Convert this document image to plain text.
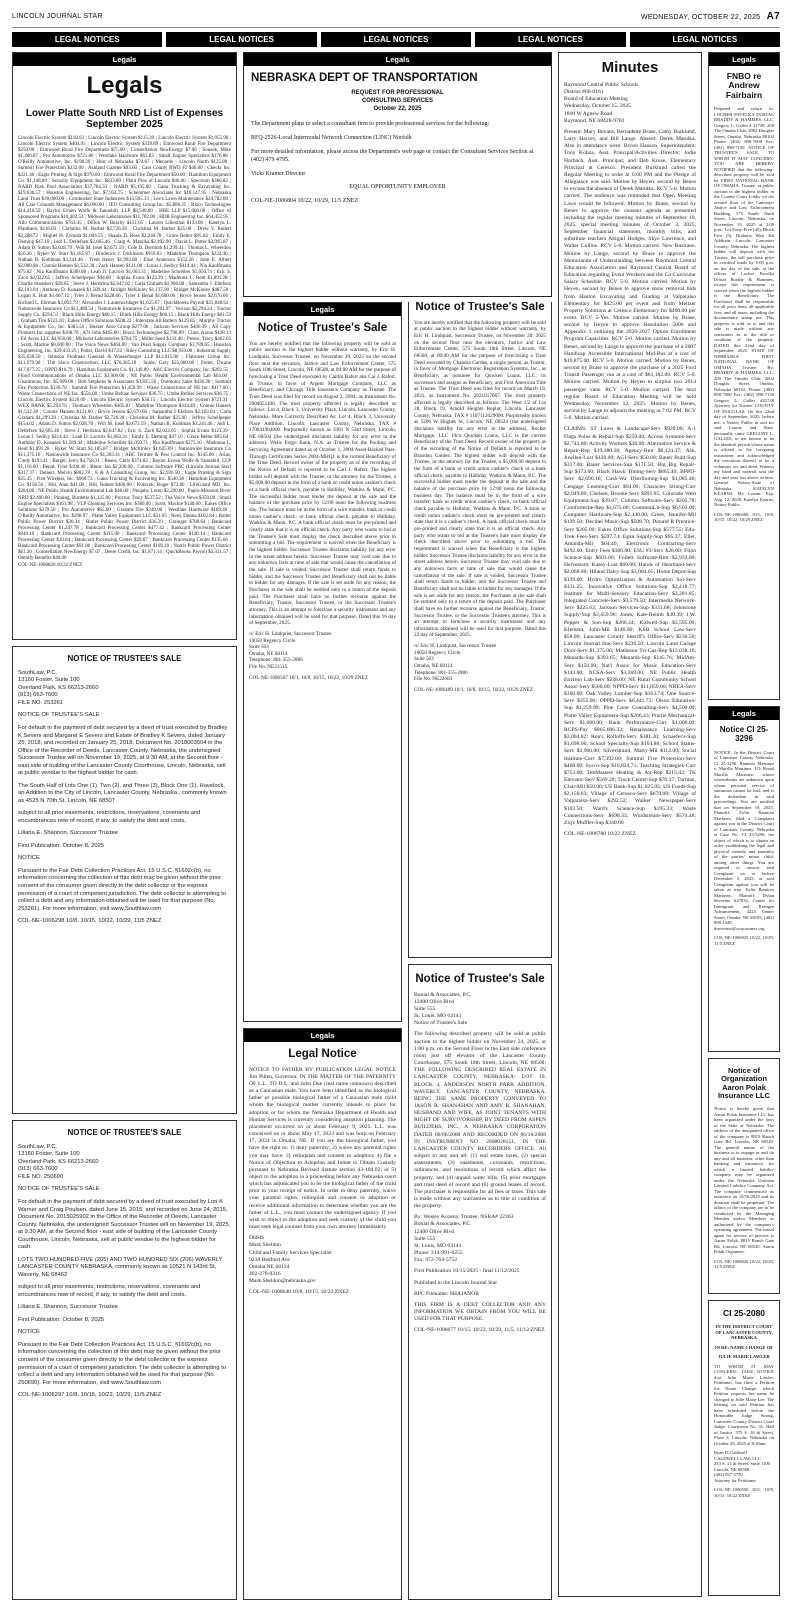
LINCOLN JOURNAL STAR	WEDNESDAY, OCTOBER 22, 2025 A7
LEGAL NOTICES	LEGAL NOTICES	LEGAL NOTICES	LEGAL NOTICES	LEGAL NOTICES
Legals
Legals
Lower Platte South NRD List of Expenses September 2025
Lincoln Electric System $118.03 ; Lincoln Electric System $115.39 ; Lincoln Electric System $1,055.90 ; Lincoln Electric System $404.95 ; Lincoln Electric System $339.89 ; Elmwood Rural Fire Department $250.00 ; Elmwood Rural Fire Department $75.00 ; Constellation NewEnergy $7.06 ; Sousek, Mike $1,466.87 ; Pro Automotive $721.86 ; Westlake Hardware $63.83 ; Small Engine Specialists $170.88 ; O'Reilly Automotive, Inc. $198.29 ; Host of Nebraska $74.67 ; Menards - Lincoln North $125.80 ; Summit Fire Protection $232.00 ; Ashland Gazette $93.60 ; Cass County RWD #2 $40.00 ; Checkr Inc. $221.46 ; Eagle Printing & Sign $970.00 ; Elmwood Rural Fire Department $50.00 ; Hamilton Equipment Co. $1,148.89 ; Security Equipment, Inc. $833.00 ; Plant Pros of Lincoln $40.00 ; Spectrum $386.82 ; NARD Risk Pool Association $37,784.33 ; NARD $5,195.00 ; Gana Trucking & Excavating Inc. $19,636.57 ; Houston Engineering, Inc. $7,954.75 ; Schemmer Associates Inc $10,147.95 ; Nebraska Land Trust $30,000.00 ; Cornhusker State Industries $14,565.13 ; Lee's Lawn Maintenance $24,782.00 ; All Care Grounds Management $6,000.00 ; JEO Consulting Group Inc. $5,886.25 ; Bizco Technologies $14,416.59 ; Baylor Evnen Wolfe & Tannehill, LLP $8,540.00 ; HBE LLP $15,000.00 ; Office of Sponsored Programs $10,402.53 ; Midwest Laboratories $11,702.00 ; HDR Engineering Inc. $64,452.95 ; Allo Communications $763.45 ; Dillon W. Beachy $121.65 ; Lauren Lilienthal $133.06 ; Katelyn L. Plambeck $116.03 ; Christina M. Barber $2,726.28 ; Christina M. Barber $25.00 ; Drew V. Bullett $2,288.72 ; Miguel H. Zymola $1,004.55 ; Shaula D. Ross $2,240.78 ; Grace Belter $95.64 ; Emily E. Deming $47.10 ; Jodi L. Detlefsen $2,665.46 ; Craig A. Matulka $2,492.90 ; David L. Potter $3,995.87 ; Adam D. Sutton $2,028.79 ; Will M. Insel $2,672.59 ; Cole D. Dermuth $1,299.41 ; Thomas L. Wheeldon $56.26 ; Ryker W. Starr $1,185.87 ; Broderick J. Dickinson $959.03 ; Madeline Thompson $224.46 ; Nathan B. Kuhlman $3,241.46 ; Trent Henry $1,993.80 ; Elise Anderson $152.28 ; John E. Albert $2,000.86 ; Connie Hansen $1,532.38 ; Zach Hansen $121.00 ; Lucas J. Sedivy $414.44 ; Nia Kauffmann $75.02 ; Nia Kauffmann $200.08 ; Leah D. Lacroix $1,663.31 ; Madeline Schreiber $1,050.71 ; Eric S. Zach $2,022.65 ; Jeffrey Schellpeper $94.80 ; Sophia Evans $123.39 ; Madonna L. Reid $1,891.28 ; Charlie Stansbery $28.85 ; Steve J. Herdzina $2,647.82 ; Carla Graham $1,906.88 ; Samantha J. Ellefson $2,103.04 ; Anthony D. Kunasek $1,589.44 ; Bridget McKinley $1,137.90 ; Bridget McKinley $487.58 ; Logan K. Hutt $1,607.12 ; Tyler J. Brend $228.66 ; Tyler J. Benal $1,600.00 ; Bryce Jensen $2,676.66 ; Richard L. Ehrman $3,063.79 ; Alexander J. Lautenschlager $1,625.67 ; QuickBooks Payroll $25,848.62 ; Nationwide Insurance Co $11,480.54 ; Nationwide Insurance Co $1,201.97 ; Verizon $2,294.24 ; Tractor Supply Co. $594.51 ; Black Hills Energy $80.15 ; Black Hills Energy $66.15 ; Black Hills Energy $61.59 ; Graham Tire $323.10 ; Eakes Office Solutions $508.22 ; Interstate All Battery $129.85 ; Murphy Tractor & Equipment Co., Inc. $383.56 ; Husker Auto Group $277.06 ; Jackson Services $400.39 ; All Copy Products Inc supplies $168.70 ; A7s John $465.00 ; Bizco Technologies $2,798.09 ; Clare, Aaron $128.13 ; Ed Acres LLC $4,050.80 ; Midwest Laboratories $784.75 ; Miller Seed $133.40 ; Presto, Tracy $462.65 ; Scott, Mackie $8,600.00 ; The Voice News $464.00 ; Van Diest Supply Company $3,789.65 ; Houston Engineering, Inc. $29,433.25 ; Potter, David $17.22 ; Riley Consulting LLC $8,950.00 ; Industrial Supply $35,630.50 ; Johnson Flodman Guenzel & Wasserburger LLP $12,015.00 ; Flatwater Group Inc. $11,679.90 ; Tim Sisco Construction, LLC $76,365.18 ; Snide, Gary $25,000.00 ; Potter, Dwane $17,077.25 ; OPPD $16.79 ; Hamilton Equipment Co. $1,149.89 ; ABC Electric Company, Inc. $202.55 ; Flood Communications of Omaha LLC $3,000.00 ; NE Public Health Environmental Lab $64.00 ; Unanimous, Inc. $5,099.00 ; Bob Stephens & Associates $3,835.56 ; Outmotor Sales $436.28 ; Summit Fire Protection $126.70 ; Summit Fire Protection $1,450.99 ; Waste Connections of NE Inc. $417.00 ; Waste Connections of NE Inc. $556.00 ; Umbe Refuse Services $36.75 ; Umbe Refuse Services $36.75 ; Lincoln Electric System $120.00 ; Lincoln Electric System $38.15 ; Lincoln Electric System $721.31 ; WEX BANK $5,293.76 ; Thomas's Wheeldon $465.81 ; Madeline Thompson $324.49 ; Connie Hansen $1,532.38 ; Connie Hansen $121.00 ; Bryce Jensen $2,670.66 ; Samantha J Elefson $2,103.04 ; Carla Graham $1,299.39 ; Christina M. Barber $2,726.28 ; Christina M. Barber $25.00 ; Jeffrey Schellpeper $154.02 ; Adam D. Sutton $2,028.78 ; Will M. Insel $2,672.59 ; Nathan B. Kuhlman $3,241.46 ; Jodi L. Detlefsen $2,665.46 ; Steve J. Herdzina $2,647.82 ; Eric S. Zach $2,022.65 ; Sophia Evans $123.39 ; Lucas J. Sedivy $414.44 ; Leah D. Lacroix $1,663.31 ; Emily E. Deming $47.10 ; Grace Belter $95.64 ; Anthony D. Kunasek $1,589.44 ; Madeline Schreiber $1,050.71 ; Nia Kauffmann $275.10 ; Madonna L. Reid $1,891.28 ; Ryker W. Starr $1,185.87 ; Bridget McKinley $1,625.69 ; Nationwide Insurance Co $11,375.16 ; Nationwide Insurance Co $1,203.41 ; ABC Termite & Pest Control Inc. $145.00 ; Arias, Cindy $193.41 ; Barger, Jerry $4,758.31 ; Beans, Chris $374.82 ; Baylor Evnen Wolfe & Tannehill, LLP $1,116.00 ; Benal, Tyler $106.40 ; Blum, Jan $2,200.00 ; Column Software PBC (Lincoln Journal Star) $317.37 ; Deinert, Melvin $802.78 ; E & A Consulting Group, Inc. $2,926.50 ; Eagle Printing & Sign $25.45 ; First Wireless, Inc. $966.72 ; Gana Trucking & Excavating Inc. $540.38 ; Hamilton Equipment Co. $158.56 ; Hilt, Alan $41.00 ; Hilt, Robert $400.00 ; Kubicek, Roger $73.80 ; LifeGuard MD, Inc. $284.00 ; NE Public Health Environmental Lab $48.00 ; Neujahr, Loren $2,200.00 ; Papio-Missouri River NRD $2,400.00 ; Pinning, Burdette $1,325.00 ; Proctor, Tracy $537.52 ; The Voice News $350.00 ; Small Engine Specialists $161.98 ; VLP Cleaning Services Inc. $380.00 ; Scott, Mackie $140.00 ; Eakes Office Solutions $270.50 ; Pro Automotive $65.60 ; Graham Tire $249.98 ; Westlake Hardware $189.46 ; O'Reilly Automotive, Inc. $298.97 ; Platte Valley Equipment LLC $31.05 ; Reid, Donna $102.84 ; Butler Public Power District $30.34 ; Butler Public Power District $36.29 ; Grainger $780.64 ; Bankcard Processing Center $1,247.78 ; Bankcard Processing Center $477.42 ; Bankcard Processing Center $949.19 ; Bankcard Processing Center $115.00 ; Bankcard Processing Center $140.14 ; Bankcard Processing Center $10.84 ; Bankcard Processing Center $29.87 ; Bankcard Processing Center $135.66 ; Bankcard Processing Center $91.80 ; Bankcard Processing Center $169.10 ; Norris Public Power District $61.30 ; Constellation NewEnergy $7.07 ; Deere Credit, Inc. $1,871.14 ; QuickBooks Payroll $2,331.57 ; Omnify Benefits $40.00
COL-NE-1006820 10/22 ZNEZ
NOTICE OF TRUSTEE'S SALE

SouthLaw, P.C.
13160 Foster, Suite 100
Overland Park, KS 66213-2660
(913) 663-7600
FILE NO. 253261

NOTICE OF TRUSTEE'S SALE

For default in the payment of debt secured by a deed of trust executed by Bradley K Severs and Margaret E Severs and Estate of Bradley K Severs, dated January 25, 2018, and recorded on January 25, 2018, Document No. 2018003504 in the Office of the Recorder of Deeds, Lancaster County, Nebraska, the undersigned Successor Trustee will on November 19, 2025, at 9:30 AM, at the Second floor - east side of building of the Lancaster County Courthouse, Lincoln, Nebraska, sell at public vendue to the highest bidder for cash:

The South Half of Lots One (1), Two (2), and Three (3), Block One (1), Havelock, an Addition to the City of Lincoln, Lancaster County, Nebraska., commonly known as 4525 N 70th St, Lincoln, NE 68507

subject to all prior easements, restrictions, reservations, covenants and encumbrances now of record, if any, to satisfy the debt and costs.

Liliana E. Shannon, Successor Trustee

First Publication: October 8, 2025

NOTICE

Pursuant to the Fair Debt Collection Practices Act, 15 U.S.C. §1692c(b), no information concerning the collection of this debt may be given without the prior consent of the consumer given directly to the debt collector or the express permission of a court of competent jurisdiction. The debt collector is attempting to collect a debt and any information obtained will be used for that purpose (No. 253261). For more information, visit www.Southlaw.com

COL-NE-1006298 10/8, 10/15, 10/22, 10/29, 11/5 ZNEZ

NOTICE OF TRUSTEE'S SALE

SouthLaw, P.C.
13160 Foster, Suite 100
Overland Park, KS 66213-2660
(913) 663-7600
FILE NO. 250690

NOTICE OF TRUSTEE'S SALE

For default in the payment of debt secured by a deed of trust executed by Lori K Warner and Craig Poulsen, dated June 15, 2015, and recorded on June 24, 2015, Document No. 2015025902 in the Office of the Recorder of Deeds, Lancaster County, Nebraska, the undersigned Successor Trustee will on November 19, 2025, at 9:30 AM, at the Second floor - east side of building of the Lancaster County Courthouse, Lincoln, Nebraska, sell at public vendue to the highest bidder for cash:

LOTS TWO HUNDRED FIVE (205) AND TWO HUNDRED SIX (206) WAVERLY LANCASTER COUNTY NEBRASKA, commonly known as 10521 N 143rd St, Waverly, NE 68462

subject to all prior easements, restrictions, reservations, covenants and encumbrances now of record, if any, to satisfy the debt and costs.

Liliana E. Shannon, Successor Trustee

First Publication: October 8, 2025

NOTICE

Pursuant to the Fair Debt Collection Practices Act, 15 U.S.C. §1692c(b), no information concerning the collection of this debt may be given without the prior consent of the consumer given directly to the debt collector or the express permission of a court of competent jurisdiction. The debt collector is attempting to collect a debt and any information obtained will be used for that purpose (No. 250690). For more information, visit www.Southlaw.com

COL-NE-1006297 10/8, 10/15, 10/22, 10/29, 11/5 ZNEZ

Legals
NEBRASKA DEPT OF TRANSPORTATION
REQUEST FOR PROFESSIONAL
CONSULTING SERVICES
October 22, 2025

The Department plans to select a consultant firm to provide professional services for the following:

RFQ-2526-Local Intermodal Network Connection (LINC) Norfolk

For more detailed information, please access the Department's web page or contact the Consultant Services Section at (402) 479 4795.

Vicki Kramer Director

EQUAL OPPORTUNITY EMPLOYER

COL-NE-1006804 10/22, 10/29, 11/5 ZNEZ

Legals
Notice of Trustee's Sale

You are hereby notified that the following property will be sold at public auction to the highest bidder without warranty, by Eric H. Lindquist, Successor Trustee, on November 20, 2025 on the second floor near the elevators, Justice and Law Enforcement Center, 575 South 10th Street, Lincoln, NE 68508, at 09:00 AM for the purpose of foreclosing a Trust Deed executed by Caitlin Rafert aka Cai J. Rafert, as Trustor, in favor of Argent Mortgage Company, LLC as Beneficiary, and Chicago Title Insurance Company as Trustee. The Trust Deed was filed for record on August 2, 2004, as Instrument No. 2004051100. The trust property affected is legally described as follows: Lot 4, Block 3, University Place, Lincoln, Lancaster County, Nebraska. More Correctly Described As: Lot 4, Block 3, University Place Addition, Lincoln, Lancaster County, Nebraska. TAX # 170641904000. Purportedly known as 3301 N 53rd Street, Lincoln, NE 68504 (the undersigned disclaims liability for any error in the address). Wells Fargo Bank, N.A. as Trustee for the Pooling and Servicing Agreement dated as of October 1, 2004 Asset-Backed Pass-Through Certificates Series 2004-MHQ1 is the current Beneficiary of the Trust Deed. Record owner of the property as of the recording of the Notice of Default is reported to be Cari J. Rafert. The highest bidder will deposit with the Trustee, or the attorney for the Trustee, a $5,000.00 deposit in the form of a bank or credit union cashier's check or a bank official check, payable to Halliday, Watkins & Mann, P.C. The successful bidder must tender the deposit at the sale and the balance of the purchase price by 12:00 noon the following business day. The balance must be in the form of a wire transfer, bank or credit union cashier's check, or bank official check, payable to Halliday, Watkins & Mann, P.C. A bank official check must be pre-printed and clearly state that it is an official check. Any party who wants to bid at the Trustee's Sale must display the check described above prior to submitting a bid. The requirement is waived when the Beneficiary is the highest bidder. Successor Trustee disclaims liability for any error in the street address herein. Successor Trustee may void sale due to any unknown facts at time of sale that would cause the cancellation of the sale. If sale is voided, Successor Trustee shall return funds to bidder, and the Successor Trustee and Beneficiary shall not be liable to bidder for any damages. If the sale is set aside for any reason, the Purchaser at the sale shall be entitled only to a return of the deposit paid. The Purchaser shall have no further recourse against the Beneficiary, Trustor, Successor Trustee, or the Successor Trustee's attorney. This is an attempt to foreclose a security instrument and any information obtained will be used for that purpose. Dated this 16 day of September, 2025.

/s/ Eric H. Lindquist, Successor Trustee
10050 Regency Circle
Suite 503
Omaha, NE 68114
Telephone: 801-355-2886
File No. NE21515

COL-NE-1006507 10/1, 10/8, 10/15, 10/22, 10/29 ZNEZ

Legals
Legal Notice

NOTICE TO FATHER BY PUBLICATION LEGAL NOTICE Jim Pillen, Governor. IN THE MATTER OF THE PATERNITY OF L.L. TO D.L. and John Doe (real name unknown) described as a Caucasian male. You have been identified as the biological father or possible biological father of a Caucasian male child whom the biological mother currently intends to place for adoption or for whom the Nebraska Department of Health and Human Services is currently considering adoption planning. The placement occurred on or about February 9, 2025. L.L. was conceived on or about May 17, 2023 and was born on February 17, 2024 in Omaha, NE. If you are the biological father, you have the right to: 1) deny paternity; 2) waive any parental rights you may have; 3) relinquish and consent to adoption; 4) file a Notice of Objection to Adoption and Intent to Obtain Custody pursuant to Nebraska Revised Statute section 43-104.02; or 5) object to the adoption in a proceeding before any Nebraska court which has adjudicated you to be the biological father of the child prior to your receipt of notice. In order to deny paternity, waive your parental rights, relinquish and consent to adoption or receive additional information to determine whether you are the father of L.L., you must contact the undersigned agency. If you wish to object to the adoption and seek custody of the child you must seek legal counsel from your own attorney immediately.

DHHS
Mark Sheldon
Child and Family Services Specialist
9218 Bedford Ave
Omaha NE 68134
402-278-9316
Mark.Sheldon@nebraska.gov

COL-NE-1006648 10/8, 10/15, 10/22 ZNEZ

Notice of Trustee's Sale

You are hereby notified that the following property will be sold at public auction to the highest bidder without warranty, by Eric H. Lindquist, Successor Trustee, on November 20, 2025 on the second floor near the elevators, Justice and Law Enforcement Center, 575 South 10th Street, Lincoln, NE 68508, at 09:00 AM for the purpose of foreclosing a Trust Deed executed by Chandra Gardes, a single person, as Trustor, in favor of Mortgage Electronic Registration Systems, Inc., as Beneficiary, as nominee for Quicken Loans, LLC, its successors and assigns as Beneficiary, and First American Title as Trustee. The Trust Deed was filed for record on March 19, 2021, as Instrument No. 2021017067. The trust property affected is legally described as follows: The West 1/2 of Lot 28, Block 19, Arnold Heights Replat, Lincoln, Lancaster County, Nebraska. TAX # 1107112029000. Purportedly known as 5206 W Hughes St, Lincoln, NE 68524 (the undersigned disclaims liability for any error in the address). Rocket Mortgage, LLC f/k/a Quicken Loans, LLC is the current Beneficiary of the Trust Deed. Record owner of the property as of the recording of the Notice of Default is reported to be Brandon Gardes. The highest bidder will deposit with the Trustee, or the attorney for the Trustee, a $5,000.00 deposit in the form of a bank or credit union cashier's check or a bank official check, payable to Halliday, Watkins & Mann, P.C. The successful bidder must tender the deposit at the sale and the balance of the purchase price by 12:00 noon the following business day. The balance must be in the form of a wire transfer, bank or credit union cashier's check, or bank official check payable to Halliday, Watkins & Mann, P.C. A bank or credit union cashier's check must be pre-printed and clearly state that it is a cashier's check. A bank official check must be pre-printed and clearly state that it is an official check. Any party who wants to bid at the Trustee's Sale must display the check described above prior to submitting a bid. The requirement is waived when the Beneficiary is the highest bidder. Successor Trustee disclaims liability for any error in the street address herein. Successor Trustee may void sale due to any unknown facts at time of sale that would cause the cancellation of the sale. If sale is voided, Successor Trustee shall return funds to bidder, and the Successor Trustee and Beneficiary shall not be liable to bidder for any damages. If the sale is set aside for any reason, the Purchaser at the sale shall be entitled only to a return of the deposit paid. The Purchaser shall have no further recourse against the Beneficiary, Trustor, Successor Trustee, or the Successor Trustee's attorney. This is an attempt to foreclose a security instrument and any information obtained will be used for that purpose. Dated this 22 day of September, 2025.

/s/ Eric H. Lindquist, Successor Trustee
10050 Regency Circle
Suite 503
Omaha, NE 68114
Telephone: 801-355-2886
File No. NE22603

COL-NE-1006489 10/1, 10/8, 10/15, 10/22, 10/29 ZNEZ

Notice of Trustee's Sale

Bonial & Associates, P.C.
12400 Olive Blvd
Suite 555
St. Louis, MO 63141
Notice of Trustee's Sale

The following described property will be sold at public auction to the highest bidder on November 24, 2025, at 1:00 p.m. on the Second Floor in the East side conference room just off elevator of the Lancaster County Courthouse, 575 South 10th Street, Lincoln, NE 68508: THE FOLLOWING DESCRIBED REAL ESTATE IN LANCASTER COUNTY, NEBRASKA: LOT 19, BLOCK 4, ANDERSON NORTH PARK ADDITION, WAVERLY, LANCASTER COUNTY, NEBRASKA. BEING THE SAME PROPERTY CONVEYED TO JASON R. SHANAHAN AND AMY R. SHANAHAN, HUSBAND AND WIFE, AS JOINT TENANTS WITH RIGHT OF SURVIVORSHIP, BY DEED FROM ASPEN BUILDERS, INC., A NEBRASKA CORPORATION DATED 06/06/2008 AND RECORDED ON 06/16/2008 IN INSTRUMENT NO. 2008028151, IN THE LANCASTER COUNTY RECORDERS OFFICE. All subject to any and all: (1) real estate taxes, (2) special assessments, (3) easements, covenants, restrictions, ordinances, and resolutions of record which affect the property, and (4) unpaid water bills, (5) prior mortgages and trust deed of record and (6) ground leases of record. The purchaser is responsible for all fees or taxes. This sale is made without any warranties as to title or condition of the property.

By: Wesley Kozeny, Trustee, NSBA# 22363
Bonial & Associates, P.C.
12400 Olive Blvd
Suite 555
St. Louis, MO 63141
Phone: 314-991-0255
Fax: 972-764-5752

First Publication 10/15/2025 - final 11/12/2025

Published in the Lincoln Journal Star

BPC Filename: SHAJANOR

THIS FIRM IS A DEBT COLLECTOR AND ANY INFORMATION WE OBTAIN FROM YOU WILL BE USED FOR THAT PURPOSE.

COL-NE-1006677 10/15, 10/22, 10/29, 11/5, 11/12 ZNEZ

Minutes

Raymond Central Public Schools
District #66-0161
Board of Education Meeting
Wednesday, October 15, 2025
1800 W Agnew Road
Raymond, NE 68428-9783

Present: Mary Bevans, Bernadette Brase, Cathy Burklund, Larry Harvey, and Bill Lange. Absent: Derek Matulka. Also in attendance were: Bryon Hanson, Superintendent; Tony Kobza, Asst. Principal/Activities Director; Jodie Horbach, Asst. Principal; and Deb Kruse, Elementary Principal at Ceresco. President Burklund called the Regular Meeting to order at 6:00 PM and the Pledge of Allegiance was said. Motion by Heyen, second by Benes to excuse the absence of Derek Matulka. RCV 5-0. Motion carried. The audience was reminded that Open Meeting Laws would be followed. Motion by Brase, second by Benes to approve the consent agenda as presented including the regular meeting minutes of September 10, 2025, special meeting minutes of October 3, 2025, September financial statement, monthly bills, and substitute teachers Abigail Hodges, Skye Lawrence, and Walter Collins. RCV 5-0. Motion carried. New Business. Motion by Lange, second by Brase to approve the Memoranda of Understanding between Raymond Central Education Association and Raymond Central Board of Education regarding Event Workers and the Co-Curricular Salary Schedule. RCV 5-0. Motion carried. Motion by Heyen, second by Benes to approve snow removal bids from Hanton Excavating and Grading at Valparaiso Elementary for $425.00 per event and from Meltzer Property Solutions at Ceresco Elementary for $400.00 per event. RCV 5-Yes. Motion carried. Motion by Brase, second by Heyen to approve Resolution 5006 and Appendix 1 outlining the 2026-2027 Option Enrollment Program Capacities. RCV 5-0. Motion carried. Motion by Benes, second by Lange to approve the purchase of a 2007 Handicap Accessible International Mid-Bus at a cost of $19,875.00. RCV 5-0. Motion carried. Motion by Benes, second by Brase to approve the purchase of a 2025 Ford Transit Passenger van at a cost of $61,182.00. RCV 5-0. Motion carried. Motion by Heyen to surplus two 2014 passenger vans. RCV 5-0. Motion carried. The next regular Board of Education Meeting will be held Wednesday, November 12, 2025. Motion by Benes, second by Lange to adjourn the meeting at 7:02 PM. RCV 5-0. Motion carried.

CLAIMS: ST Lawn & Landscape-Serv $920.00; A-1 Flags Poles & Repair-Sup $259.00; Access Systems-Serv $2,741.00; Activity Workers $30.00; Alternative Service & Repair-Rep $19,380.38; Agency-Rmt $8,124.37; Ash, Juwilen-Lost $120.00; AGI-Serv $50.00; Bauer Built-Sup $317.06; Bauer Services-Sup $171.50; Big Rig Repair-Sup $173.00; Black Hawk Timing-Serv $865.40; BPPD-Serv $2,696.16; Cash-Wa Distributing-Sup $1,085.40; Cengage Learning-Curr $94.00; Character Strong-Curr $2,949.00; Chelsen, Brooke-Serv $991.95; Colorado West Equipment-Sup $39.07; Column Software-Serv $205.78; Comforteche-Rep $3,675.00; CommonLit-Sup $6,503.00; Computer Hardware-Sup $2,440.00; Crees, Jennifer-Mil $129.50; Decibel Music-Sup $508.70; Donald R Prentice-Serv $205.00; Eakes Office Solutions-Sup $577.55; Edu-Trek Fees-Serv $597.74; Egan Supply-Sup $95.37; Eller, Amanda-Mil $64.40; Electronic Contracting-Serv $492.00; Entry Fees $300.00; ESU #3-Serv $28.00; Flinn Science-Sup $603.00; Follett Software-Rmt $2,933.00; Helvestom, Kasey-Lost $60.00; Hands of Heartland-Serv $2,068.00; Hiland Dairy-Sup $3,004.05; Home Depot-Sup $139.00; Hydro Optimization & Automation Sol-Serv $131.25; Innovative Office Solutions-Sup $2,418.77; Institute for Multi-Sensory Education-Serv $3,281.85; Integrated Concrete-Serv $3,579.50; Intermedia Network-Serv $225.62; Jackson Services-Sup $331.68; Johnstone Supply-Sup $3,459.96; Jones, Kate-Reimb $30.39; J.W. Pepper & Son-Sup $266.24; Kidwell-Sup $3,595.00; Klement, John-Mil $140.00; KSB School Law-Serv $58.00; Lancaster County Sheriff's Office-Serv $236.50; Lincoln Journal Star-Serv $236.50; Lincoln Land Garage Door-Serv $1,375.00; Matheson Tri-Gas-Rep $13,038.16; Menards-Sup $393.65; Menards-Sup $145.76; MidAm-Serv $150.00; Nat'l Assoc for Music Education-Serv $143.00; NCSA-Serv $3,369.00; NE Public Health Environ Lab-Serv $238.00; NE Rural Community School Assoc-Serv $500.00; NPPD-Serv $11,859.00; NREA-Serv $300.00; Oak Valley Lumber-Sup $163.74; One Source-Serv $355.00; OPPD-Serv $6,441.73; Olson Eduration-Sup $1,259.99; Pine Cone Consulting-Serv $4,500.00; Platte Valley Equipment-Sup $266.43; Prairie Mechanical-Serv $1,000.00; Rank Performance-Curr $1,000.00; RCPS-Pay $865,606.33; Renaissance Learning-Serv $3,004.82; Ron's Rolloffs-Serv $381.20; Schaefer's-Sup $1,698.00; School Specialty-Sup $164.88; School Status-Serv $3,960.00; Silverstrand, Marty-Mil $112.00; Social Institute-Curr $7,392.00; Summit Fire Protection-Serv $468.00; Sysco-Sup $16,824.71; Teaching Strategies-Curr $753.00; TekMasters Heating & Air-Rep $215.42; TK Elevator-Serv $569.28; Truck Center-Sup $76.17; Turman, Clair-Mil $50.00; US Bank-Sup $1,625.05; US Foods-Sup $2,150.63; Village of Ceresco-Serv $679.00; Village of Valparaiso-Serv $292.52; Walker Newspaper-Serv $103.50; Ward's Science-Sup $195.33; Waste Connections-Serv $698.33; Windstream-Serv $574.48; Ziq's Muffler-Sup $340.00

COL-NE-1006780 10/22 ZNEZ

Legals
FNBO re Andrew Fairbairn

Prepared and return to: LOCHER PAVELKA DOSTAL BRADDY & HAMMES, LLC, Gregory L. Galles # 21748, 200 The Omaha Club, 2002 Douglas Street, Omaha, Nebraska 68102 Phone: (402) 898-7000 Fax: (402) 898-7130. NOTICE OF TRUSTEE'S SALE. TO WHOM IT MAY CONCERN: YOU ARE HEREBY NOTIFIED that the following-described property will be sold by FIRST NATIONAL BANK OF OMAHA, Trustee, at public auction to the highest bidder in the County Court Lobby on the second floor of the Lancaster Justice and Law Enforcement Building, 575 South Tenth Street, Lincoln, Nebraska, on November 19, 2025 at 2:00 p.m.: Lot Forty-Five (45), Block Five (5), Brahurst West 4th Addition, Lincoln, Lancaster County, Nebraska. The highest bidder will deposit with the Trustee, the full purchase price in certified funds by 5:00 p.m. on the day of the sale, at the offices of Locher Pavelka Dostal Braddy & Hammes, except this requirement is waived when the highest bidder is the Beneficiary. The Purchaser shall be responsible for all prior liens, all applicable fees, and all taxes, including the documentary stamp tax. This property is sold 'as is' and this sale is made without any warranties as to the title or condition of the property. DATED this 22nd day of September, 2025. STATE OF NEBRASKA FIRST NATIONAL BANK OF OMAHA, Trustee. By: BRADDY & HAMMES, LLC, 200 The Omaha Club, 2002 Douglas Street, Omaha, Nebraska 68102. Phone: (402) 898-7000 Fax: (402) 898-7130 Gregory L. Galles #21748 Attorney for Trustee. COUNTY OF DOUGLAS. On this 22nd day of September, 2025, before me, a Notary Public in and for said County and State, personally came GREGORY L. GALLES, to me known to be the identical person whose name is affixed to the foregoing instrument and acknowledged the execution thereof to be a voluntary act and deed. Witness my hand and notarial seal the day and year last above written. General Notary-State of Nebraska. KATELYN KEARNS. My Comm. Exp. Aug. 12, 2029. Katelyn Kearns, Notary Public.

COL-NE-1006468 10/1, 10/8, 10/15, 10/22, 10/29 ZNEZ

Legals
Notice CI 25-3296

NOTICE. In the District Court of Lancaster County Nebraska. CI 25-3296. Ramirez Martinez v. Murillo Martinez. TO: Ronal Murillo Martinez, whose whereabouts are unknown upon whom personal service of summons cannot be had, and is the defendant in said proceedings. You are notified that on September 19, 2025, Plaintiff, Eylin Ramirez Martinez, filed a Complaint against you in the District Court of Lancaster County, Nebraska at Case No. CI 25-3296, the object of which is to obtain an order establishing the legal and physical custody, and paternity of the parties' minor child, among other things. You are required to answer said Complaint on or before December 5, 2025, or said Complaint against you will be taken as true. Eylin Ramirez Martinez, Plaintiff. Dylan Severino #27832, Center for Immigrant and Refugee Advancement, 4223 Center Street, Omaha, NE 68105, (402) 898-1349, dseverino@ciraconnect.org

COL-NE-1006825 10/22, 10/29, 11/5 ZNEZ

Notice of Organization Aaron Polak Insurance LLC

Notice is hereby given that Aaron Polak Insurance LLC has been organized under the laws of the State of Nebraska. The address of the designated office of the company is 8815 Ranch Gate Rd, Lincoln, NE 68520. The general nature of the business is to engage in and do any and all business, other than banking and insurance, for which a limited liability company may be organized under the Nebraska Uniform Limited Liability Company Act. The company commenced its existence on 10/16/2025 and its duration shall be perpetual. The affairs of the company are to be conducted by the Managing Member and/or Members as authorized by the company's operating agreement. The initial agent for service of process is Aaron Polak, 8815 Ranch Gate Rd, Lincoln, NE 68520. Aaron Polak Organizer.

COL-NE-1006826 10/22, 10/29, 11/5 ZNEZ

CI 25-2080

IN THE DISTRICT COURT OF LANCASTER COUNTY, NEBRASKA

IN RE: NAME CHANGE OF

JULIE MARIE LAWLER

TO WHOM IT MAY CONCERN: TAKE NOTICE that Julie Marie Lawler, Petitioner, has filed a Petition for Name Change, which Petition requests her name be changed to Julie Marie Lee. The hearing on said Petition has been scheduled before the Honorable Judge Strong, Lancaster County District Court Judge, Courtroom No. 31, Hall of Justice, 575 S. 10 th Street, Floor 3, Lincoln, Nebraska on October 29, 2025 at 8:30am.

Ryan D. Caldwell
CALDWELL LAW, LLC
233 S. 13 th Street, Suite 1100
Lincoln, NE 68508
(402) 937-2750
Attorney for Petitioner.

COL-NE-1006550 10/1, 10/8, 10/15, 10/22 ZNEZ
